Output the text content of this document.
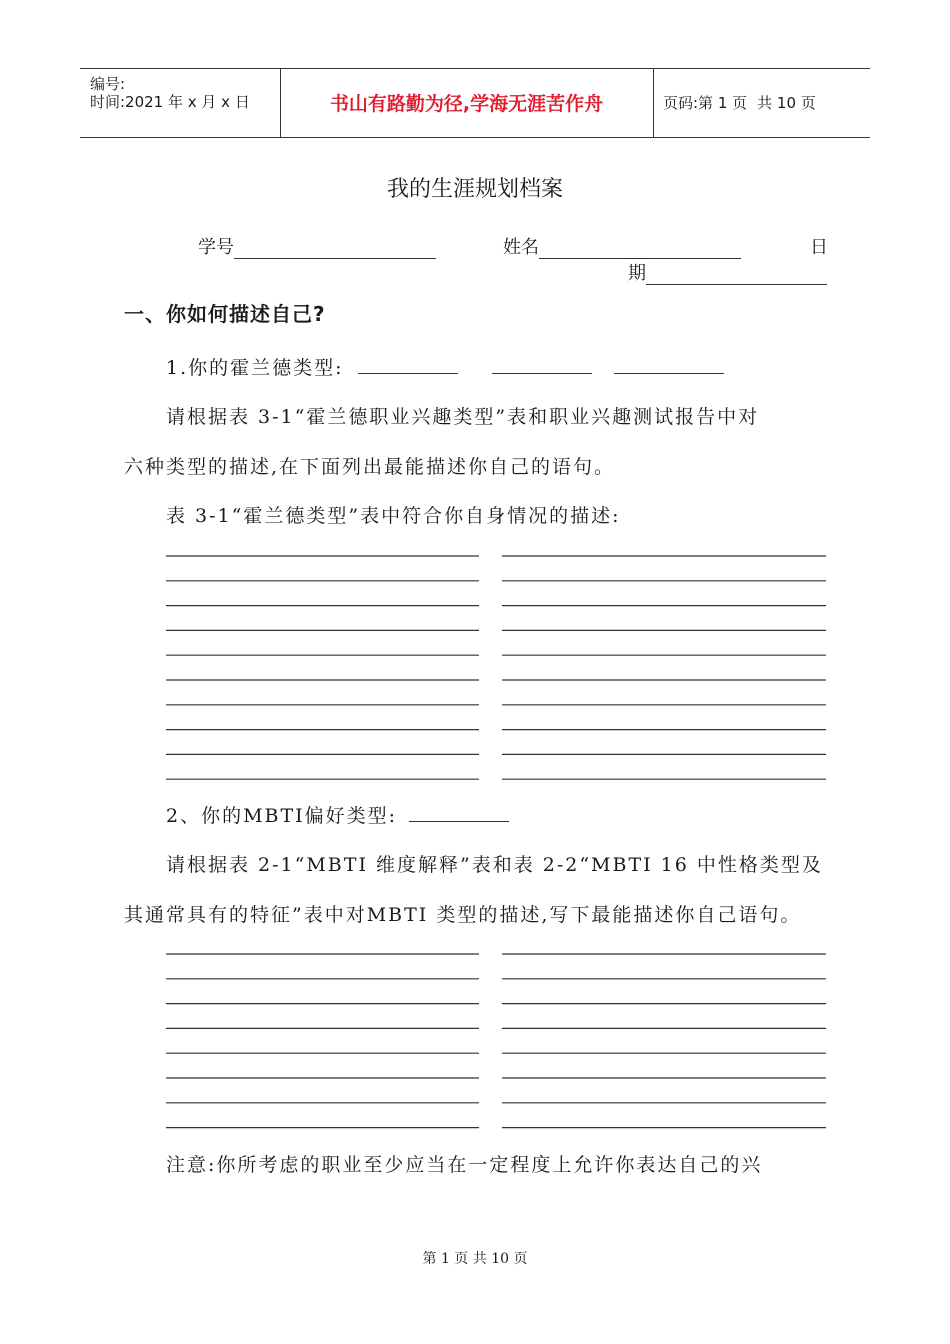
编号:
时间:2021 年 x 月 x 日	书山有路勤为径,学海无涯苦作舟	页码:第 1 页 共 10 页
我的生涯规划档案
学号	姓名	日
期
一、你如何描述自己?
1.你的霍兰德类型:
请根据表 3-1“霍兰德职业兴趣类型”表和职业兴趣测试报告中对
六种类型的描述,在下面列出最能描述你自己的语句。
表 3-1“霍兰德类型”表中符合你自身情况的描述:
2、你的MBTI偏好类型:
请根据表 2-1“MBTI 维度解释”表和表 2-2“MBTI 16 中性格类型及
其通常具有的特征”表中对MBTI 类型的描述,写下最能描述你自己语句。
注意:你所考虑的职业至少应当在一定程度上允许你表达自己的兴
第 1 页 共 10 页
